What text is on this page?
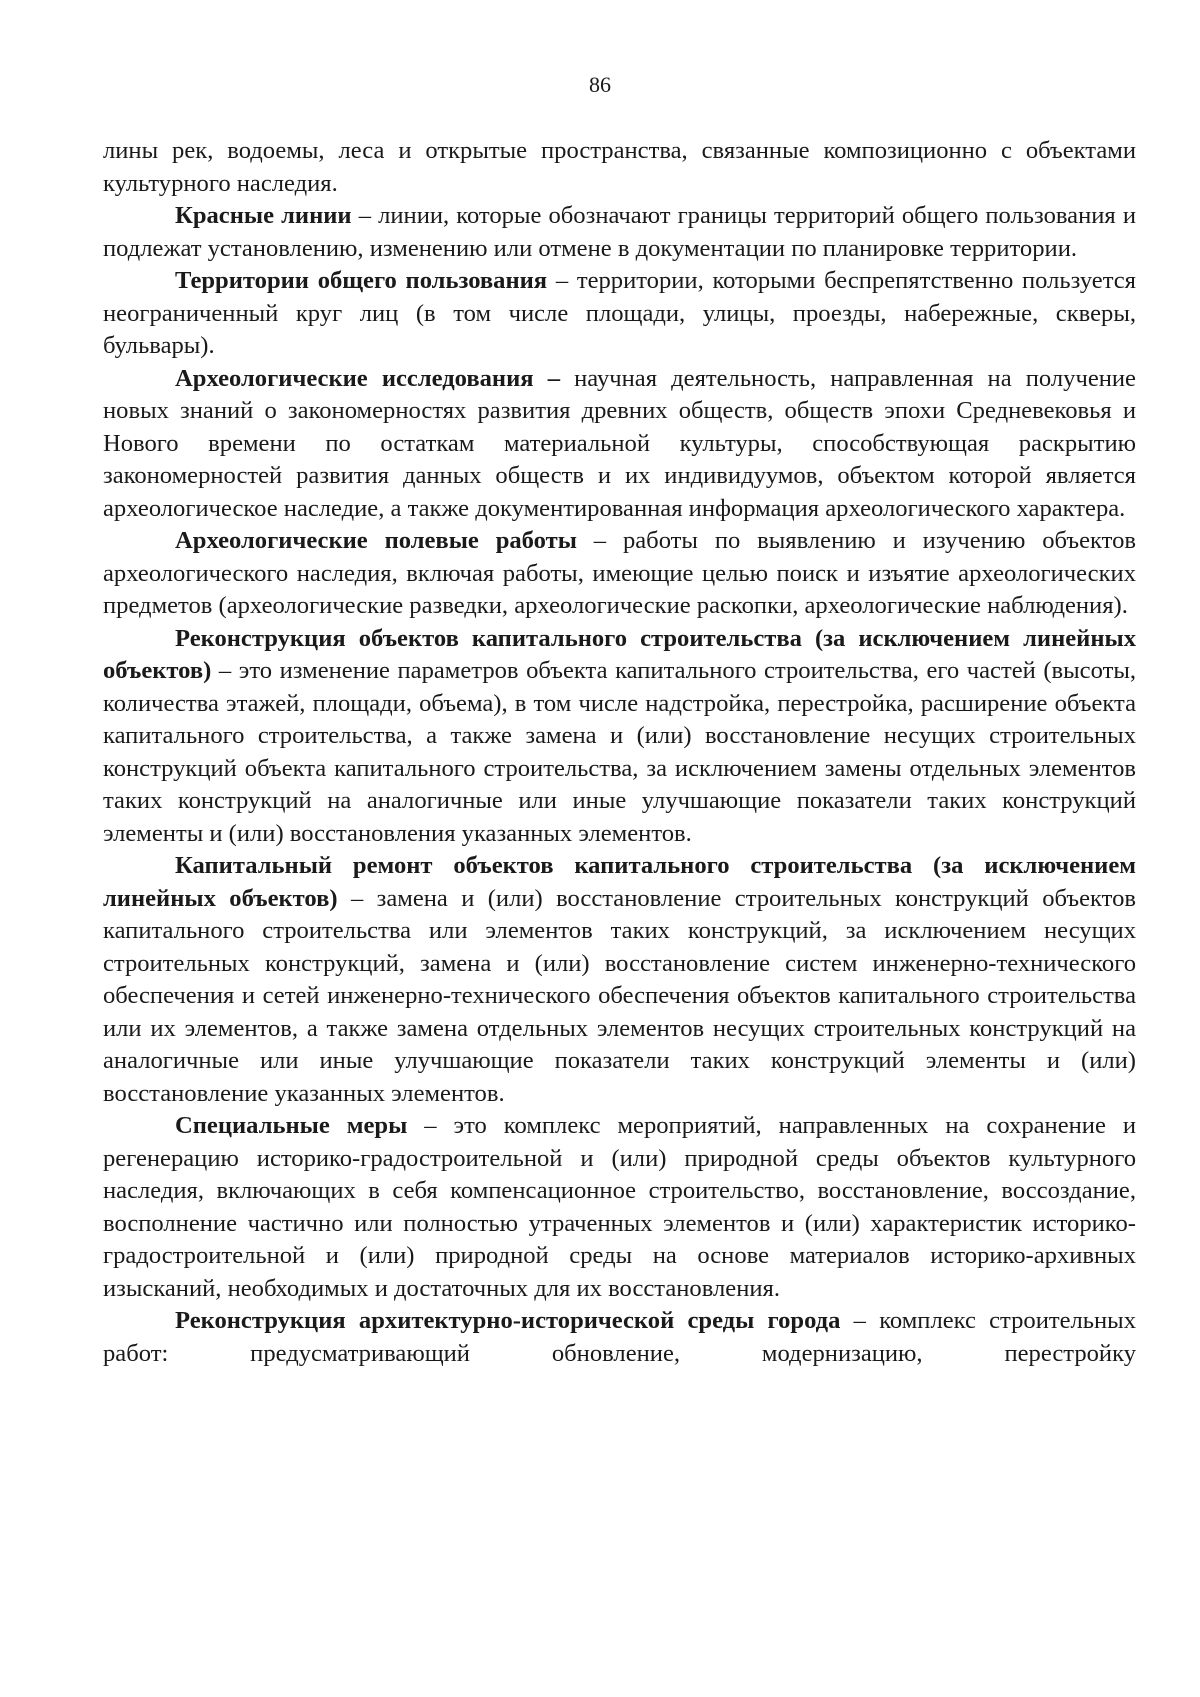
86

лины рек, водоемы, леса и открытые пространства, связанные композиционно с объектами культурного наследия.

Красные линии – линии, которые обозначают границы территорий общего пользования и подлежат установлению, изменению или отмене в документации по планировке территории.

Территории общего пользования – территории, которыми беспрепятственно пользуется неограниченный круг лиц (в том числе площади, улицы, проезды, набережные, скверы, бульвары).

Археологические исследования – научная деятельность, направленная на получение новых знаний о закономерностях развития древних обществ, обществ эпохи Средневековья и Нового времени по остаткам материальной культуры, способствующая раскрытию закономерностей развития данных обществ и их индивидуумов, объектом которой является археологическое наследие, а также документированная информация археологического характера.

Археологические полевые работы – работы по выявлению и изучению объектов археологического наследия, включая работы, имеющие целью поиск и изъятие археологических предметов (археологические разведки, археологические раскопки, археологические наблюдения).

Реконструкция объектов капитального строительства (за исключением линейных объектов) – это изменение параметров объекта капитального строительства, его частей (высоты, количества этажей, площади, объема), в том числе надстройка, перестройка, расширение объекта капитального строительства, а также замена и (или) восстановление несущих строительных конструкций объекта капитального строительства, за исключением замены отдельных элементов таких конструкций на аналогичные или иные улучшающие показатели таких конструкций элементы и (или) восстановления указанных элементов.

Капитальный ремонт объектов капитального строительства (за исключением линейных объектов) – замена и (или) восстановление строительных конструкций объектов капитального строительства или элементов таких конструкций, за исключением несущих строительных конструкций, замена и (или) восстановление систем инженерно-технического обеспечения и сетей инженерно-технического обеспечения объектов капитального строительства или их элементов, а также замена отдельных элементов несущих строительных конструкций на аналогичные или иные улучшающие показатели таких конструкций элементы и (или) восстановление указанных элементов.

Специальные меры – это комплекс мероприятий, направленных на сохранение и регенерацию историко-градостроительной и (или) природной среды объектов культурного наследия, включающих в себя компенсационное строительство, восстановление, воссоздание, восполнение частично или полностью утраченных элементов и (или) характеристик историко-градостроительной и (или) природной среды на основе материалов историко-архивных изысканий, необходимых и достаточных для их восстановления.

Реконструкция архитектурно-исторической среды города – комплекс строительных работ: предусматривающий обновление, модернизацию, перестройку
